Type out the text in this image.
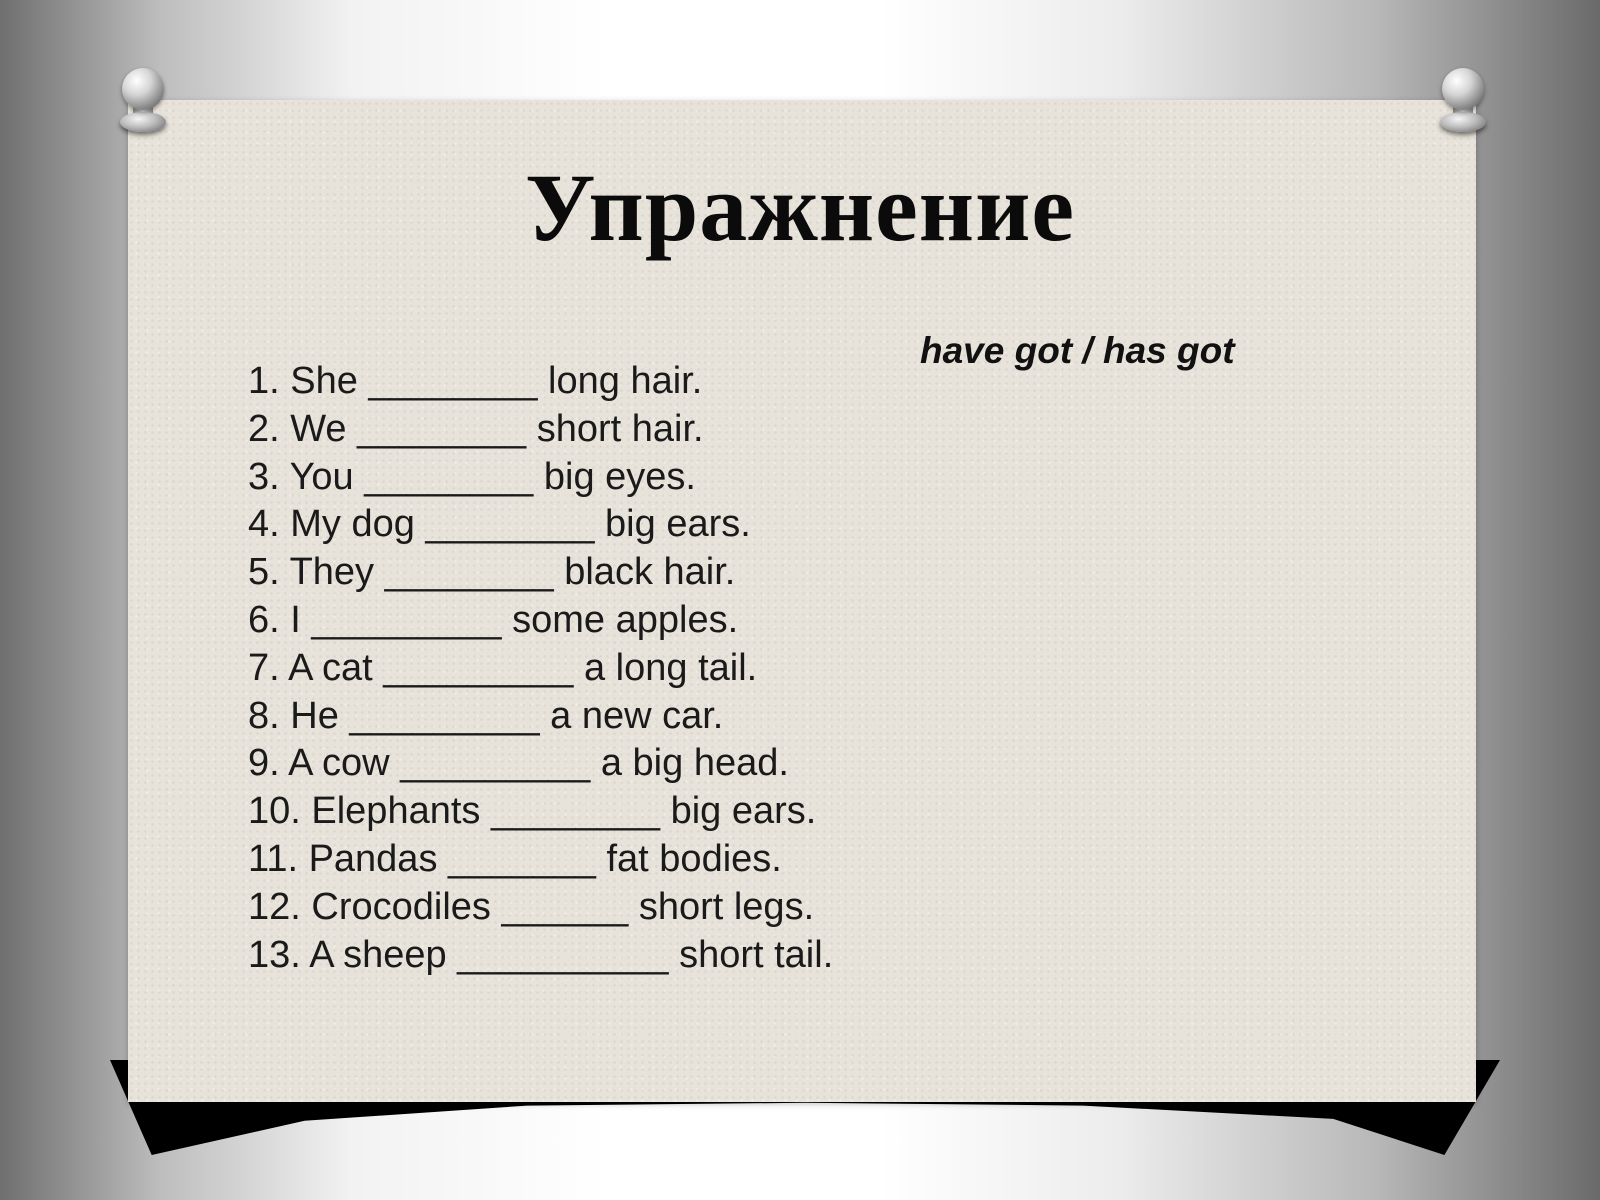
Упражнение

have got / has got

1. She ________ long hair.
2. We ________ short hair.
3. You ________ big eyes.
4. My dog ________ big ears.
5. They ________ black hair.
6. I _________ some apples.
7. A cat _________ a long tail.
8. He _________ a new car.
9. A cow _________ a big head.
10. Elephants ________ big ears.
11. Pandas _______ fat bodies.
12. Crocodiles ______ short legs.
13. A sheep __________ short tail.
